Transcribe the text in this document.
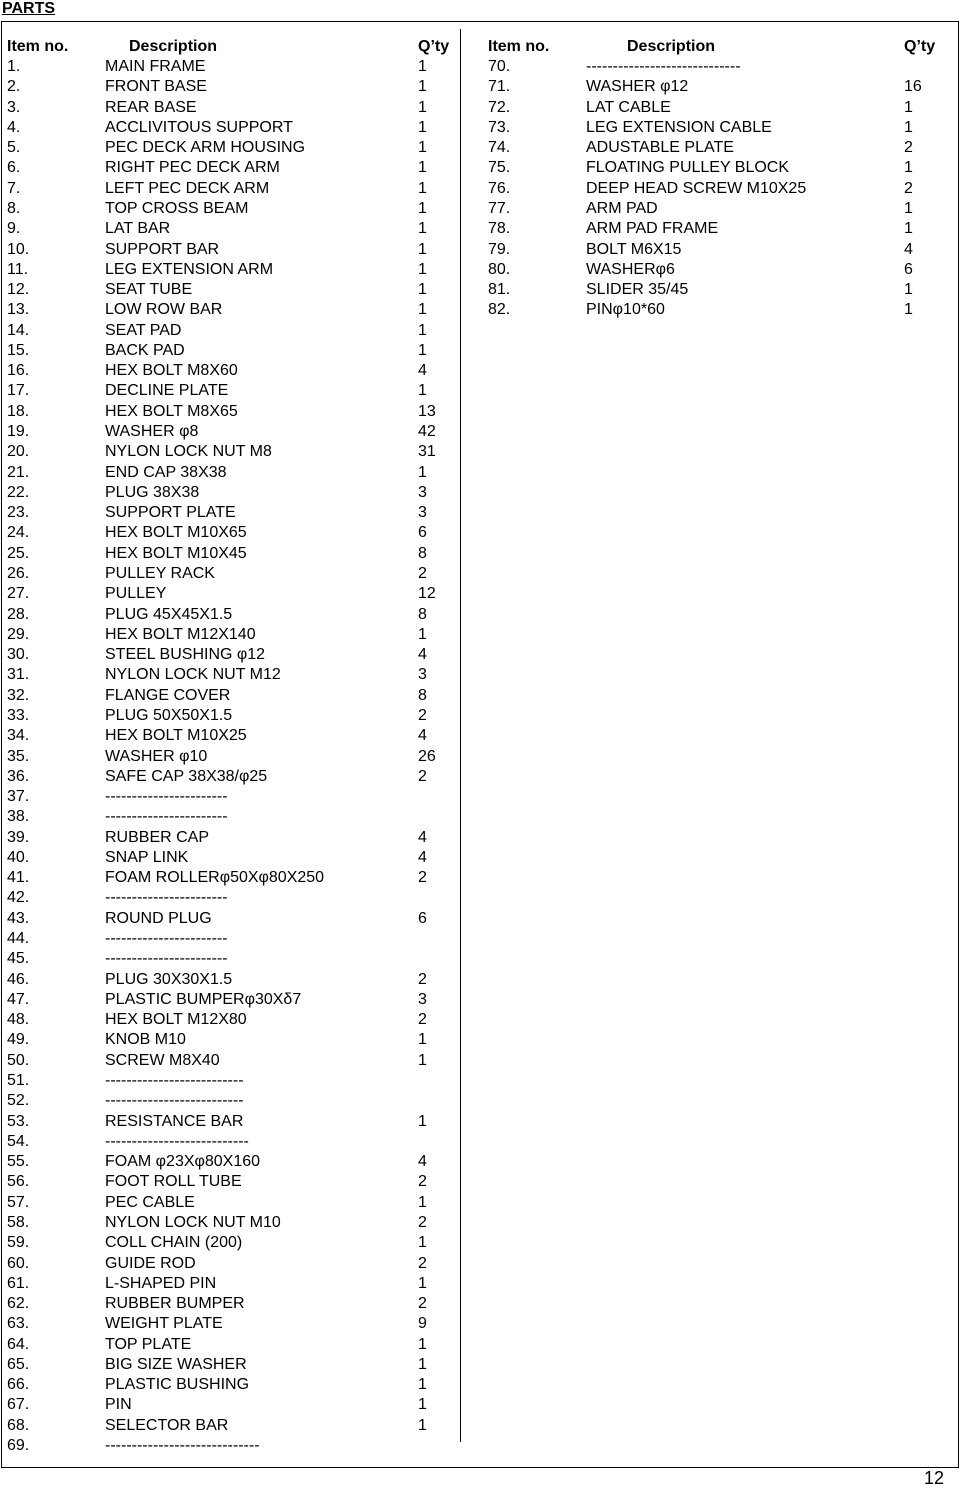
PARTS
Item no.	Description	Q’ty
1.	MAIN FRAME	1
2.	FRONT BASE	1
3.	REAR BASE	1
4.	ACCLIVITOUS SUPPORT	1
5.	PEC DECK ARM HOUSING	1
6.	RIGHT PEC DECK ARM	1
7.	LEFT PEC DECK ARM	1
8.	TOP CROSS BEAM	1
9.	LAT BAR	1
10.	SUPPORT BAR	1
11.	LEG EXTENSION ARM	1
12.	SEAT TUBE	1
13.	LOW ROW BAR	1
14.	SEAT PAD	1
15.	BACK PAD	1
16.	HEX BOLT M8X60	4
17.	DECLINE PLATE	1
18.	HEX BOLT M8X65	13
19.	WASHER φ8	42
20.	NYLON LOCK NUT M8	31
21.	END CAP 38X38	1
22.	PLUG 38X38	3
23.	SUPPORT PLATE	3
24.	HEX BOLT M10X65	6
25.	HEX BOLT M10X45	8
26.	PULLEY RACK	2
27.	PULLEY	12
28.	PLUG 45X45X1.5	8
29.	HEX BOLT M12X140	1
30.	STEEL BUSHING φ12	4
31.	NYLON LOCK NUT M12	3
32.	FLANGE COVER	8
33.	PLUG 50X50X1.5	2
34.	HEX BOLT M10X25	4
35.	WASHER φ10	26
36.	SAFE CAP 38X38/φ25	2
37.	-----------------------
38.	-----------------------
39.	RUBBER CAP	4
40.	SNAP LINK	4
41.	FOAM ROLLERφ50Xφ80X250	2
42.	-----------------------
43.	ROUND PLUG	6
44.	-----------------------
45.	-----------------------
46.	PLUG 30X30X1.5	2
47.	PLASTIC BUMPERφ30Xδ7	3
48.	HEX BOLT M12X80	2
49.	KNOB M10	1
50.	SCREW M8X40	1
51.	--------------------------
52.	--------------------------
53.	RESISTANCE BAR	1
54.	---------------------------
55.	FOAM φ23Xφ80X160	4
56.	FOOT ROLL TUBE	2
57.	PEC CABLE	1
58.	NYLON LOCK NUT M10	2
59.	COLL CHAIN (200)	1
60.	GUIDE ROD	2
61.	L-SHAPED PIN	1
62.	RUBBER BUMPER	2
63.	WEIGHT PLATE	9
64.	TOP PLATE	1
65.	BIG SIZE WASHER	1
66.	PLASTIC BUSHING	1
67.	PIN	1
68.	SELECTOR BAR	1
69.	-----------------------------
Item no.	Description	Q’ty
70.	-----------------------------
71.	WASHER φ12	16
72.	LAT CABLE	1
73.	LEG EXTENSION CABLE	1
74.	ADUSTABLE PLATE	2
75.	FLOATING PULLEY BLOCK	1
76.	DEEP HEAD SCREW M10X25	2
77.	ARM PAD	1
78.	ARM PAD FRAME	1
79.	BOLT M6X15	4
80.	WASHERφ6	6
81.	SLIDER 35/45	1
82.	PINφ10*60	1
12
